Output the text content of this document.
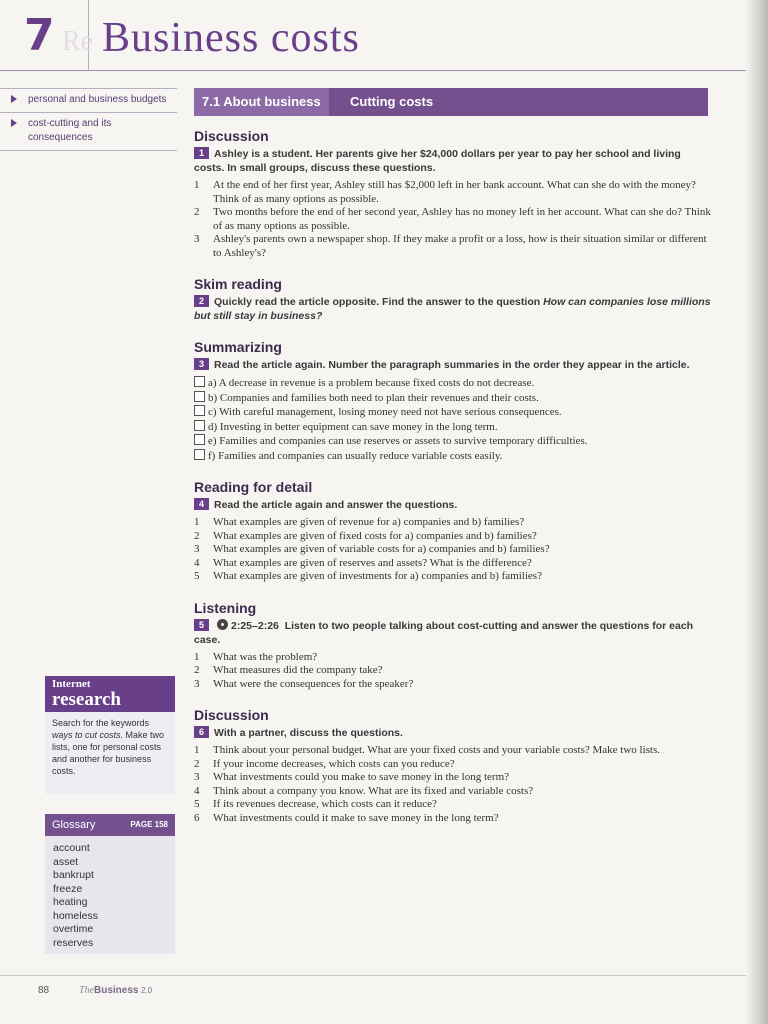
7 Re Business costs
personal and business budgets
cost-cutting and its consequences
7.1 About business	Cutting costs
Discussion
1 Ashley is a student. Her parents give her $24,000 dollars per year to pay her school and living costs. In small groups, discuss these questions.
1	At the end of her first year, Ashley still has $2,000 left in her bank account. What can she do with the money? Think of as many options as possible.
2	Two months before the end of her second year, Ashley has no money left in her account. What can she do? Think of as many options as possible.
3	Ashley's parents own a newspaper shop. If they make a profit or a loss, how is their situation similar or different to Ashley's?
Skim reading
2 Quickly read the article opposite. Find the answer to the question How can companies lose millions but still stay in business?
Summarizing
3 Read the article again. Number the paragraph summaries in the order they appear in the article.
a) A decrease in revenue is a problem because fixed costs do not decrease.
b) Companies and families both need to plan their revenues and their costs.
c) With careful management, losing money need not have serious consequences.
d) Investing in better equipment can save money in the long term.
e) Families and companies can use reserves or assets to survive temporary difficulties.
f) Families and companies can usually reduce variable costs easily.
Reading for detail
4 Read the article again and answer the questions.
1	What examples are given of revenue for a) companies and b) families?
2	What examples are given of fixed costs for a) companies and b) families?
3	What examples are given of variable costs for a) companies and b) families?
4	What examples are given of reserves and assets? What is the difference?
5	What examples are given of investments for a) companies and b) families?
Listening
5	2:25–2:26 Listen to two people talking about cost-cutting and answer the questions for each case.
1	What was the problem?
2	What measures did the company take?
3	What were the consequences for the speaker?
Discussion
6 With a partner, discuss the questions.
1	Think about your personal budget. What are your fixed costs and your variable costs? Make two lists.
2	If your income decreases, which costs can you reduce?
3	What investments could you make to save money in the long term?
4	Think about a company you know. What are its fixed and variable costs?
5	If its revenues decrease, which costs can it reduce?
6	What investments could it make to save money in the long term?
Internet
research
Search for the keywords ways to cut costs. Make two lists, one for personal costs and another for business costs.
Glossary	PAGE 158
account
asset
bankrupt
freeze
heating
homeless
overtime
reserves
88	TheBusiness 2.0
